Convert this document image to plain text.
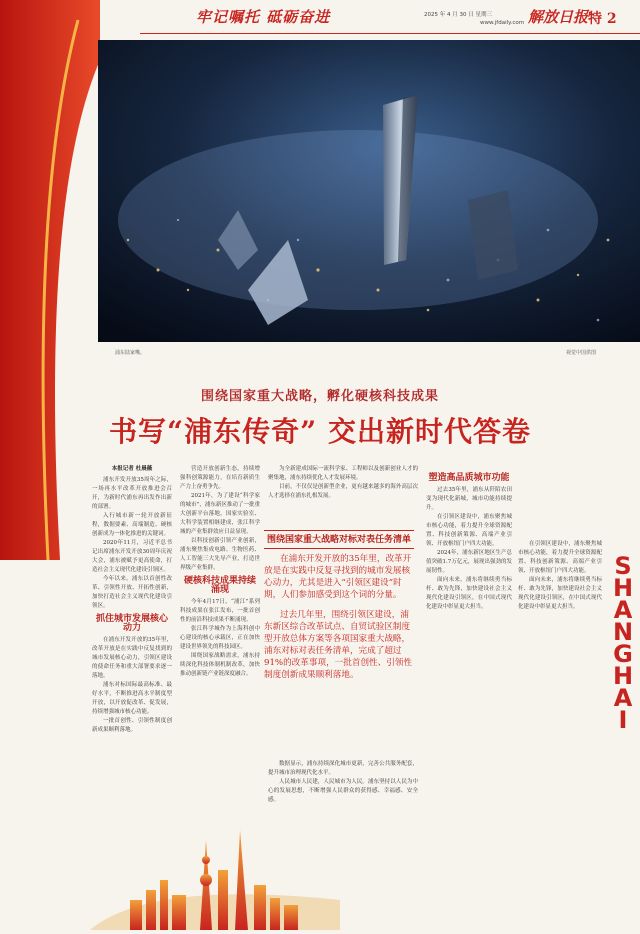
牢记嘱托 砥砺奋进	2025 年 4 月 30 日 星期三
www.jfdaily.com 解放日报 特 2
浦东陆家嘴。	视觉中国供图
围绕国家重大战略，孵化硬核科技成果
书写“浦东传奇” 交出新时代答卷

本报记者 杜晨薇

浦东开发开放35周年之际，一场再水平改革开放推进会召开，为新时代浦东再出发作出新的部署。

入行城市新一轮开放新征程，数据要素、高端制造、硬核创新成为一体化推进的关键词。

2020年11月，习近平总书记出席浦东开发开放30周年庆祝大会，浦东被赋予更高使命，打造社会主义现代化建设引领区。

今年以来，浦东以首创性改革、引领性开放、开拓性创新，加快打造社会主义现代化建设引领区。

抓住城市发展核心动力

在浦东开发开放的35年里，改革开放是在实践中反复找到的城市发展核心动力，引领区建设的使命任务和重大部署要求逐一落地。

浦东对标国际最高标准、最好水平，不断推进高水平制度型开放，以开放促改革、促发展，持续增强城市核心功能。

一批首创性、引领性制度创新成果顺利落地。

营造开放创新生态，持续增强科创策源能力，在培育新质生产力上奋勇争先。

2021年，为了建设“科学家的城市”，浦东新区推动了一批重大创新平台落地，国家实验室、大科学装置相继建成，张江科学城的产业集群效应日益显现。

以科技创新引领产业创新，浦东聚焦集成电路、生物医药、人工智能三大先导产业，打造世界级产业集群。

硬核科技成果持续涌现

今年4月17日，“浦江”系列科技成果在张江发布，一批首创性的前沿科技成果不断涌现。

张江科学城作为上海科创中心建设的核心承载区，正在加快建设世界领先的科技园区。

围绕国家战略需求，浦东持续深化科技体制机制改革，加快推动创新链产业链深度融合。

为全新建成国际一流科学家、工程师以及创新创业人才的聚集地，浦东持续优化人才发展环境。

目前，不仅仅是创新型企业，更有越来越多的海外高层次人才选择在浦东扎根发展。

围绕国家重大战略对标对表任务清单

在浦东开发开放的35年里，改革开放是在实践中反复寻找到的城市发展核心动力，尤其是进入“引领区建设”时期，人们参加感受到这个词的分量。

过去几年里，围绕引领区建设，浦东新区综合改革试点、自贸试验区制度型开放总体方案等各项国家重大战略，浦东对标对表任务清单，完成了超过91%的改革事项，一批首创性、引领性制度创新成果顺利落地。

数据显示，浦东持续深化城市更新，完善公共服务配套，提升城市治理现代化水平。

人民城市人民建，人民城市为人民。浦东坚持以人民为中心的发展思想，不断增强人民群众的获得感、幸福感、安全感。

塑造高品质城市功能

过去35年里，浦东从阡陌农田变为现代化新城，城市功能持续提升。

在引领区建设中，浦东聚焦城市核心功能，着力提升全球资源配置、科技创新策源、高端产业引领、开放枢纽门户四大功能。

2024年，浦东新区地区生产总值突破1.7万亿元，展现出强劲的发展韧性。

面向未来，浦东将继续勇当标杆、敢为先锋，加快建设社会主义现代化建设引领区，在中国式现代化建设中彰显更大担当。

在引领区建设中，浦东聚焦城市核心功能，着力提升全球资源配置、科技创新策源、高端产业引领、开放枢纽门户四大功能。

面向未来，浦东将继续勇当标杆、敢为先锋，加快建设社会主义现代化建设引领区，在中国式现代化建设中彰显更大担当。

SHANGHAI
